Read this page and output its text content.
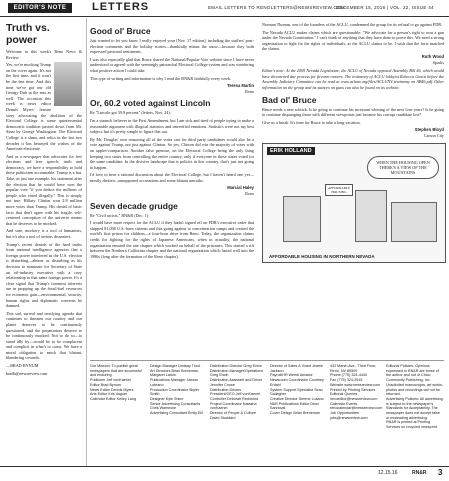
EDITOR'S NOTE	LETTERS	EMAIL LETTERS TO RENOLETTERS@NEWSREVIEW.COM
DECEMBER 15, 2016 | VOL. 22, ISSUE 44
Truth vs. power

Welcome to this week's Reno News & Review.

Yes, we're mocking Trump on the cover again. It's not the first time, and it won't be the last time. And this time we've got our old Georgy Dub in the mix as well. The occasion this week is news editor Dennis Myers' feature story advocating the abolition of the Electoral College is some quintessential democratic tradition passed down from Mt. Sinai by George Washington. The Electoral College is a sham, and relics in the last two decades it has betrayed the wishes of the American electorate.

And as a newspaper that advocates for free elections and free speech, truth and democracy, we have a responsibility to hold these politicians accountable. Trump is a liar. Take, as just one example, his statement after the election that he would have won the popular vote "if you deduct the millions of people who voted illegally." This is simply not true. Hillary Clinton won 2.8 million more votes than Trump. His denial of basic facts that don't agree with his fragile, self-centered conception of the universe means that he deserves to be mocked.

And sure, mockery is a tool of humanists, but it's also a tool of serious dissenters.

Trump's recent denials of the hard truths from national intelligence agencies that a foreign power interfered in the U.S. election is disturbing—almost as disturbing as his decision to nominate for Secretary of State an oil-industry executive with a cozy relationship to that same foreign power. It's a clear signal that Trump's foremost interests are in propping up the fossil-fuel resources for economic gain—environmental, security, human rights and diplomatic concerns be damned.

This sad, surreal and terrifying agenda that continues to threaten our country and our planet deserves to be continuously questioned, and the perpetrators deserve to be continuously mocked. Not to do so—to stand idly by—would be to be complacent and complicit in what's to come. We have a moral obligation to mock that blatant, blundering cowards.

—BRAD BYNUM

bradb@newsreview.com

Good ol' Bruce

Just wanted to let you know I really enjoyed your [Nov. 17 edition], including the staffers' post-election comments and the holiday stories—thankfully minus the snow—because they both expressed personal sentiments.

I was also especially glad that Bruce shared the National/Popular Vote website since I have never understood or agreed with the seemingly patriarchal Electoral College system and was wondering what positive action I could take.

This type of writing and information is why I read the RN&R faithfully every week.

Teresa Martin

Reno

Or, 60.2 voted against Lincoln

Re "Lincoln got 39.8 percent" (letters, Nov. 24):

I'm a staunch believer in the First Amendment, but I am sick and tired of people trying to make a reasonable argument with illogical statistics and unverified emotions. Statistics were not my best subject, but it's pretty simple to figure this out.

By Mr. Douglas' own reasoning all of the votes cast for third party candidates would also be a vote against Trump, not just against Clinton. So yes, Clinton did win the majority of votes with an apples-comparison. Another false premise, on the Electoral College being the only thing keeping two states from controlling the entire country, only if everyone in those states voted for the same candidate. In the divisive landscape that is politics in this country, that's just not going to happen.

I'd love to hear a rational discussion about the Electoral College, but I haven't heard one yet—mostly rhetoric, unsupported accusations and some blatant untruths.

Marcial Haley

Reno

Seven decade grudge

Re "Civil racists," RN&R (Dec. 1):

I would have more respect for the ACLU if they hadn't signed off on FDR's executive order that shipped 81,000 U.S.-born citizens and this going against to concentration camps and created the world's first prison for children—a four-hour drive from Reno. Today, the organization claims credit for fighting for the rights of Japanese Americans, when in actuality, the national organization ensured the one chapter which worked on behalf of the prisoners. This started a rift between the Northern California chapter and the national organization which lasted well into the 1980s (long after the formation of the Reno chapter).

Norman Thomas, one of the founders of the ACLU, condemned the group for its refusal to go against FDR.

The Nevada ACLU makes claims which are questionable: "We advocate for a person's right to own a gun under the Nevada Constitution." I can't think of anything that they have done to prove this. We need a strong organization to fight for the rights of individuals, as the ACLU claims to be. I wish that the facts matched the claims.

Ruth Wood

Sparks

Editor's note: At the 2009 Nevada Legislature, the ACLU of Nevada opposed Assembly Bill 46, which would have threatened due process for firearm owners. The testimony of ACLU lobbyist Rebecca Gasca before the Assembly Judiciary Committee can be read at www.aclunv.org/files/ACLUNV testimony on AB46.pdf. Other information on the group and its stances on guns can also be found on its website.

Bad ol' Bruce

Bruce needs a new schtick. Is he going to continue his incessant whining of the next four years? Is he going to continue disparaging those with different viewpoints just because his corrupt candidate lost?

Give us a break. It's time for Bruce to take a long vacation.

Stephen Bloyd

Carson City

ERIK HOLLAND
WHEN THE HOUSING OPEN THERE'S A VIEW OF THE MOUNTAINS
AFFORDABLE HOUSING
AFFORDABLE HOUSING IN NORTHERN NEVADA
Our Mission: To publish great newspapers that are successful and enduring.
Publisher Jeff vonKaenel
Editor Brad Bynum
News Editor Dennis Myers
Arts Editor Kris Vagner
Calendar Editor Kelley Lang
Design Manager Lindsay Trout
Art Directors Brian Breneman, Margaret Larkin
Publications Manager Jaxson Lubrano
Production Coordinator Skyler Smith
Designer Kyle Shine
Senior Advertising Consultants Chris Warnecke
Advertising Consultant Emily Eill
Distribution Director Greg Erwin
Distribution Manager/Operations Greg Erwin
Distribution Assistant and Driver Jennifer Crowe
Distribution Drivers
President/CEO Jeff vonKaenel
Controller Deborah Redmond
Project Coordinator Natasha vonKaenel
Director of People & Culture David Stoddard
Director of Sales & Grant Jeanie Jackson
Payroll/HR Wendi Amador
Newsroom Coordinator Courtney Erdahl
System Support Specialist Sean Gallagher
Creative Director Serene Lusano
N&R Publications Editor Dewi Sandoval
Cover Design Brian Breneman
432 Marsh Ave., Third Floor, Reno, NV 89509
Phone (775) 324-4440
Fax (775) 324-2515
Website www.newsreview.com
Printed by Printing Services
Editorial Queries renoeditor@newsreview.com
Calendar Events renocalendar@newsreview.com
Job Opportunities jobs@newsreview.com
Editorial Policies: Opinions expressed in RN&R are those of the author and not of Chico Community Publishing, Inc. Unsolicited manuscripts, art works, photos and recordings will not be returned.
Advertising Policies: All advertising is subject to the newspaper's Standards for Acceptability. The newspaper does not accept false or misleading advertising.
RN&R is printed at Printing Services on recycled newsprint.
12.15.16	RN&R 3
